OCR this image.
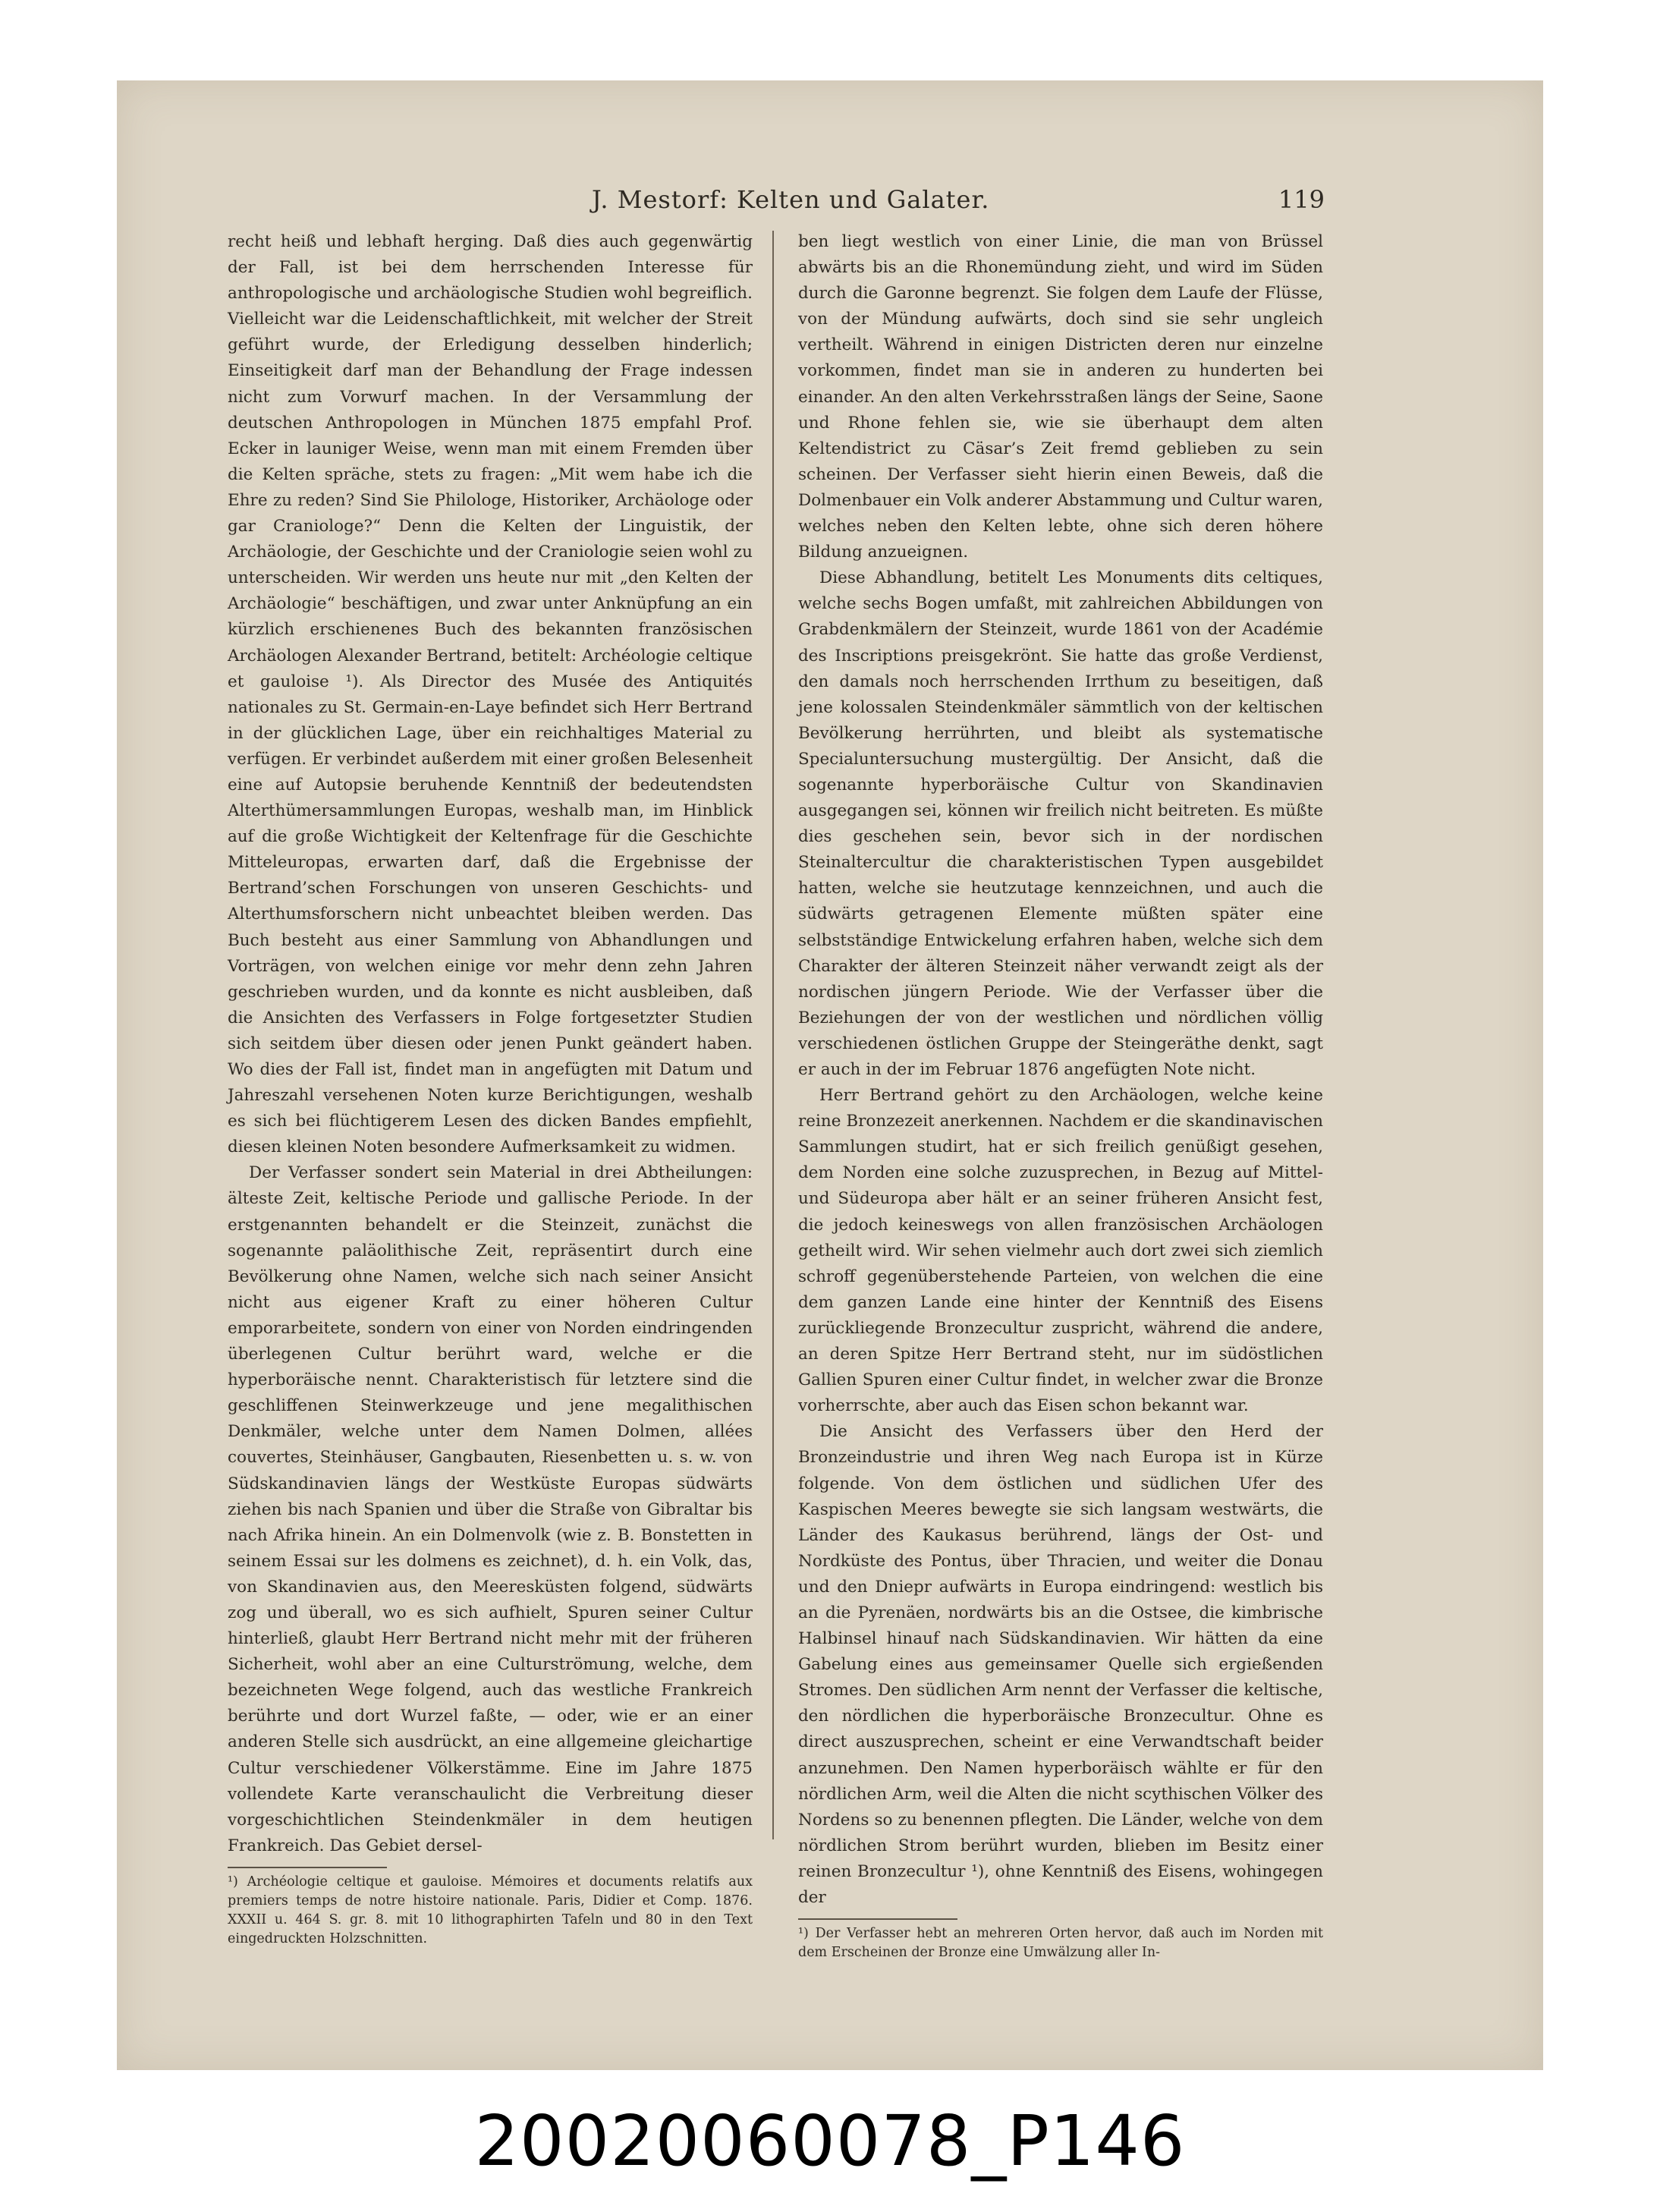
J. Mestorf: Kelten und Galater.	119

recht heiß und lebhaft herging. Daß dies auch gegenwärtig der Fall, ist bei dem herrschenden Interesse für anthropologische und archäologische Studien wohl begreiflich. Vielleicht war die Leidenschaftlichkeit, mit welcher der Streit geführt wurde, der Erledigung desselben hinderlich; Einseitigkeit darf man der Behandlung der Frage indessen nicht zum Vorwurf machen. In der Versammlung der deutschen Anthropologen in München 1875 empfahl Prof. Ecker in launiger Weise, wenn man mit einem Fremden über die Kelten spräche, stets zu fragen: „Mit wem habe ich die Ehre zu reden? Sind Sie Philologe, Historiker, Archäologe oder gar Craniologe?“ Denn die Kelten der Linguistik, der Archäologie, der Geschichte und der Craniologie seien wohl zu unterscheiden. Wir werden uns heute nur mit „den Kelten der Archäologie“ beschäftigen, und zwar unter Anknüpfung an ein kürzlich erschienenes Buch des bekannten französischen Archäologen Alexander Bertrand, betitelt: Archéologie celtique et gauloise ¹). Als Director des Musée des Antiquités nationales zu St. Germain-en-Laye befindet sich Herr Bertrand in der glücklichen Lage, über ein reichhaltiges Material zu verfügen. Er verbindet außerdem mit einer großen Belesenheit eine auf Autopsie beruhende Kenntniß der bedeutendsten Alterthümersammlungen Europas, weshalb man, im Hinblick auf die große Wichtigkeit der Keltenfrage für die Geschichte Mitteleuropas, erwarten darf, daß die Ergebnisse der Bertrand’schen Forschungen von unseren Geschichts- und Alterthumsforschern nicht unbeachtet bleiben werden. Das Buch besteht aus einer Sammlung von Abhandlungen und Vorträgen, von welchen einige vor mehr denn zehn Jahren geschrieben wurden, und da konnte es nicht ausbleiben, daß die Ansichten des Verfassers in Folge fortgesetzter Studien sich seitdem über diesen oder jenen Punkt geändert haben. Wo dies der Fall ist, findet man in angefügten mit Datum und Jahreszahl versehenen Noten kurze Berichtigungen, weshalb es sich bei flüchtigerem Lesen des dicken Bandes empfiehlt, diesen kleinen Noten besondere Aufmerksamkeit zu widmen.

Der Verfasser sondert sein Material in drei Abtheilungen: älteste Zeit, keltische Periode und gallische Periode. In der erstgenannten behandelt er die Steinzeit, zunächst die sogenannte paläolithische Zeit, repräsentirt durch eine Bevölkerung ohne Namen, welche sich nach seiner Ansicht nicht aus eigener Kraft zu einer höheren Cultur emporarbeitete, sondern von einer von Norden eindringenden überlegenen Cultur berührt ward, welche er die hyperboräische nennt. Charakteristisch für letztere sind die geschliffenen Steinwerkzeuge und jene megalithischen Denkmäler, welche unter dem Namen Dolmen, allées couvertes, Steinhäuser, Gangbauten, Riesenbetten u. s. w. von Südskandinavien längs der Westküste Europas südwärts ziehen bis nach Spanien und über die Straße von Gibraltar bis nach Afrika hinein. An ein Dolmenvolk (wie z. B. Bonstetten in seinem Essai sur les dolmens es zeichnet), d. h. ein Volk, das, von Skandinavien aus, den Meeresküsten folgend, südwärts zog und überall, wo es sich aufhielt, Spuren seiner Cultur hinterließ, glaubt Herr Bertrand nicht mehr mit der früheren Sicherheit, wohl aber an eine Culturströmung, welche, dem bezeichneten Wege folgend, auch das westliche Frankreich berührte und dort Wurzel faßte, — oder, wie er an einer anderen Stelle sich ausdrückt, an eine allgemeine gleichartige Cultur verschiedener Völkerstämme. Eine im Jahre 1875 vollendete Karte veranschaulicht die Verbreitung dieser vorgeschichtlichen Steindenkmäler in dem heutigen Frankreich. Das Gebiet dersel-

¹) Archéologie celtique et gauloise. Mémoires et documents relatifs aux premiers temps de notre histoire nationale. Paris, Didier et Comp. 1876. XXXII u. 464 S. gr. 8. mit 10 lithographirten Tafeln und 80 in den Text eingedruckten Holzschnitten.

ben liegt westlich von einer Linie, die man von Brüssel abwärts bis an die Rhonemündung zieht, und wird im Süden durch die Garonne begrenzt. Sie folgen dem Laufe der Flüsse, von der Mündung aufwärts, doch sind sie sehr ungleich vertheilt. Während in einigen Districten deren nur einzelne vorkommen, findet man sie in anderen zu hunderten bei einander. An den alten Verkehrsstraßen längs der Seine, Saone und Rhone fehlen sie, wie sie überhaupt dem alten Keltendistrict zu Cäsar’s Zeit fremd geblieben zu sein scheinen. Der Verfasser sieht hierin einen Beweis, daß die Dolmenbauer ein Volk anderer Abstammung und Cultur waren, welches neben den Kelten lebte, ohne sich deren höhere Bildung anzueignen.

Diese Abhandlung, betitelt Les Monuments dits celtiques, welche sechs Bogen umfaßt, mit zahlreichen Abbildungen von Grabdenkmälern der Steinzeit, wurde 1861 von der Académie des Inscriptions preisgekrönt. Sie hatte das große Verdienst, den damals noch herrschenden Irrthum zu beseitigen, daß jene kolossalen Steindenkmäler sämmtlich von der keltischen Bevölkerung herrührten, und bleibt als systematische Specialuntersuchung mustergültig. Der Ansicht, daß die sogenannte hyperboräische Cultur von Skandinavien ausgegangen sei, können wir freilich nicht beitreten. Es müßte dies geschehen sein, bevor sich in der nordischen Steinaltercultur die charakteristischen Typen ausgebildet hatten, welche sie heutzutage kennzeichnen, und auch die südwärts getragenen Elemente müßten später eine selbstständige Entwickelung erfahren haben, welche sich dem Charakter der älteren Steinzeit näher verwandt zeigt als der nordischen jüngern Periode. Wie der Verfasser über die Beziehungen der von der westlichen und nördlichen völlig verschiedenen östlichen Gruppe der Steingeräthe denkt, sagt er auch in der im Februar 1876 angefügten Note nicht.

Herr Bertrand gehört zu den Archäologen, welche keine reine Bronzezeit anerkennen. Nachdem er die skandinavischen Sammlungen studirt, hat er sich freilich genüßigt gesehen, dem Norden eine solche zuzusprechen, in Bezug auf Mittel- und Südeuropa aber hält er an seiner früheren Ansicht fest, die jedoch keineswegs von allen französischen Archäologen getheilt wird. Wir sehen vielmehr auch dort zwei sich ziemlich schroff gegenüberstehende Parteien, von welchen die eine dem ganzen Lande eine hinter der Kenntniß des Eisens zurückliegende Bronzecultur zuspricht, während die andere, an deren Spitze Herr Bertrand steht, nur im südöstlichen Gallien Spuren einer Cultur findet, in welcher zwar die Bronze vorherrschte, aber auch das Eisen schon bekannt war.

Die Ansicht des Verfassers über den Herd der Bronzeindustrie und ihren Weg nach Europa ist in Kürze folgende. Von dem östlichen und südlichen Ufer des Kaspischen Meeres bewegte sie sich langsam westwärts, die Länder des Kaukasus berührend, längs der Ost- und Nordküste des Pontus, über Thracien, und weiter die Donau und den Dniepr aufwärts in Europa eindringend: westlich bis an die Pyrenäen, nordwärts bis an die Ostsee, die kimbrische Halbinsel hinauf nach Südskandinavien. Wir hätten da eine Gabelung eines aus gemeinsamer Quelle sich ergießenden Stromes. Den südlichen Arm nennt der Verfasser die keltische, den nördlichen die hyperboräische Bronzecultur. Ohne es direct auszusprechen, scheint er eine Verwandtschaft beider anzunehmen. Den Namen hyperboräisch wählte er für den nördlichen Arm, weil die Alten die nicht scythischen Völker des Nordens so zu benennen pflegten. Die Länder, welche von dem nördlichen Strom berührt wurden, blieben im Besitz einer reinen Bronzecultur ¹), ohne Kenntniß des Eisens, wohingegen der

¹) Der Verfasser hebt an mehreren Orten hervor, daß auch im Norden mit dem Erscheinen der Bronze eine Umwälzung aller In-

20020060078_P146
